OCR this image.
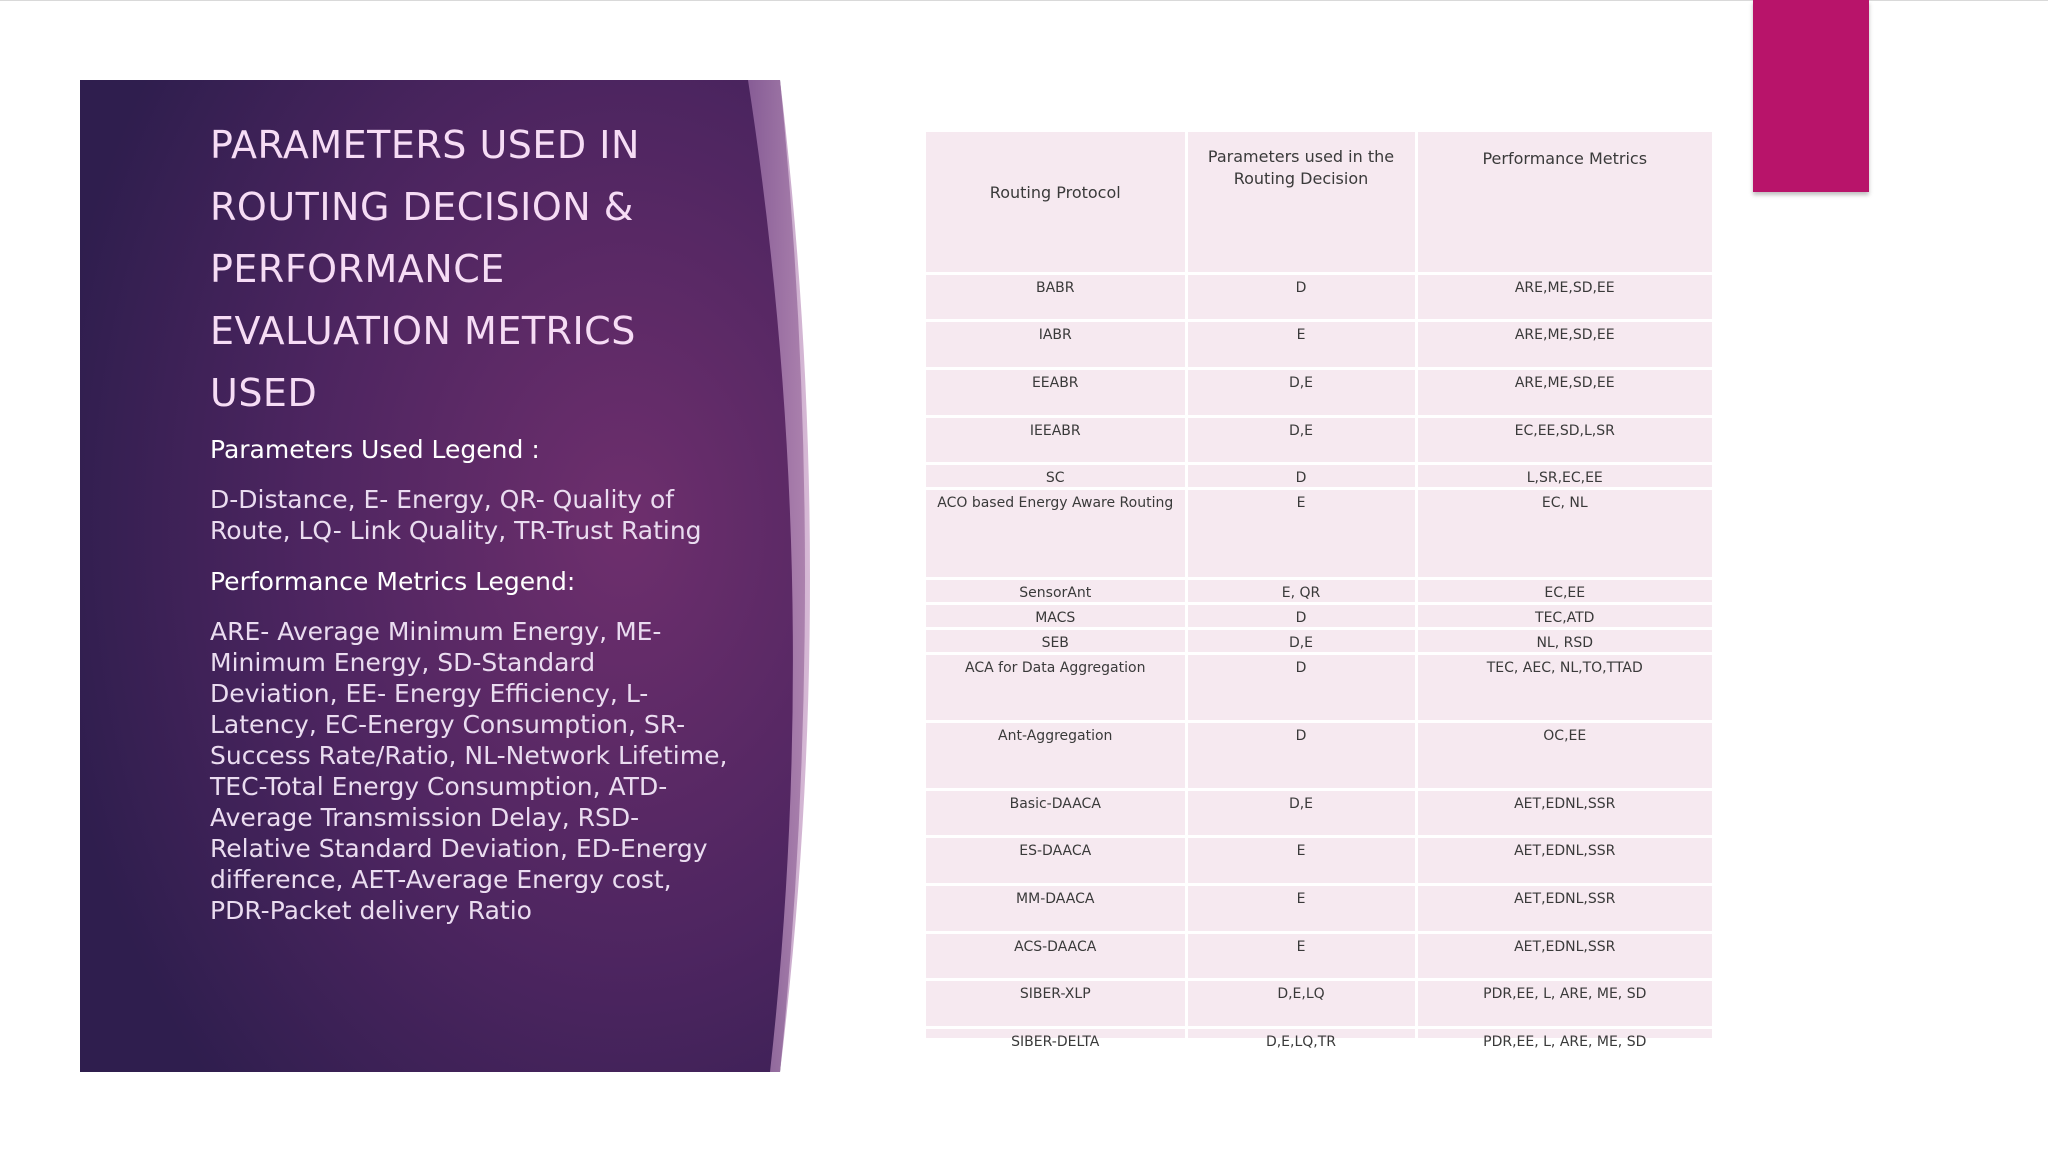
PARAMETERS USED IN ROUTING DECISION & PERFORMANCE EVALUATION METRICS USED
Parameters Used Legend :
D-Distance, E- Energy, QR- Quality of Route, LQ- Link Quality, TR-Trust Rating
Performance Metrics Legend:
ARE- Average Minimum Energy, ME-Minimum Energy, SD-Standard Deviation, EE- Energy Efficiency, L- Latency, EC-Energy Consumption, SR-Success Rate/Ratio, NL-Network Lifetime, TEC-Total Energy Consumption, ATD-Average Transmission Delay, RSD-Relative Standard Deviation, ED-Energy difference, AET-Average Energy cost, PDR-Packet delivery Ratio
Routing Protocol	Parameters used in the Routing Decision	Performance Metrics
BABR	D	ARE,ME,SD,EE
IABR	E	ARE,ME,SD,EE
EEABR	D,E	ARE,ME,SD,EE
IEEABR	D,E	EC,EE,SD,L,SR
SC	D	L,SR,EC,EE
ACO based Energy Aware Routing	E	EC, NL
SensorAnt	E, QR	EC,EE
MACS	D	TEC,ATD
SEB	D,E	NL, RSD
ACA for Data Aggregation	D	TEC, AEC, NL,TO,TTAD
Ant-Aggregation	D	OC,EE
Basic-DAACA	D,E	AET,EDNL,SSR
ES-DAACA	E	AET,EDNL,SSR
MM-DAACA	E	AET,EDNL,SSR
ACS-DAACA	E	AET,EDNL,SSR
SIBER-XLP	D,E,LQ	PDR,EE, L, ARE, ME, SD
SIBER-DELTA	D,E,LQ,TR	PDR,EE, L, ARE, ME, SD
